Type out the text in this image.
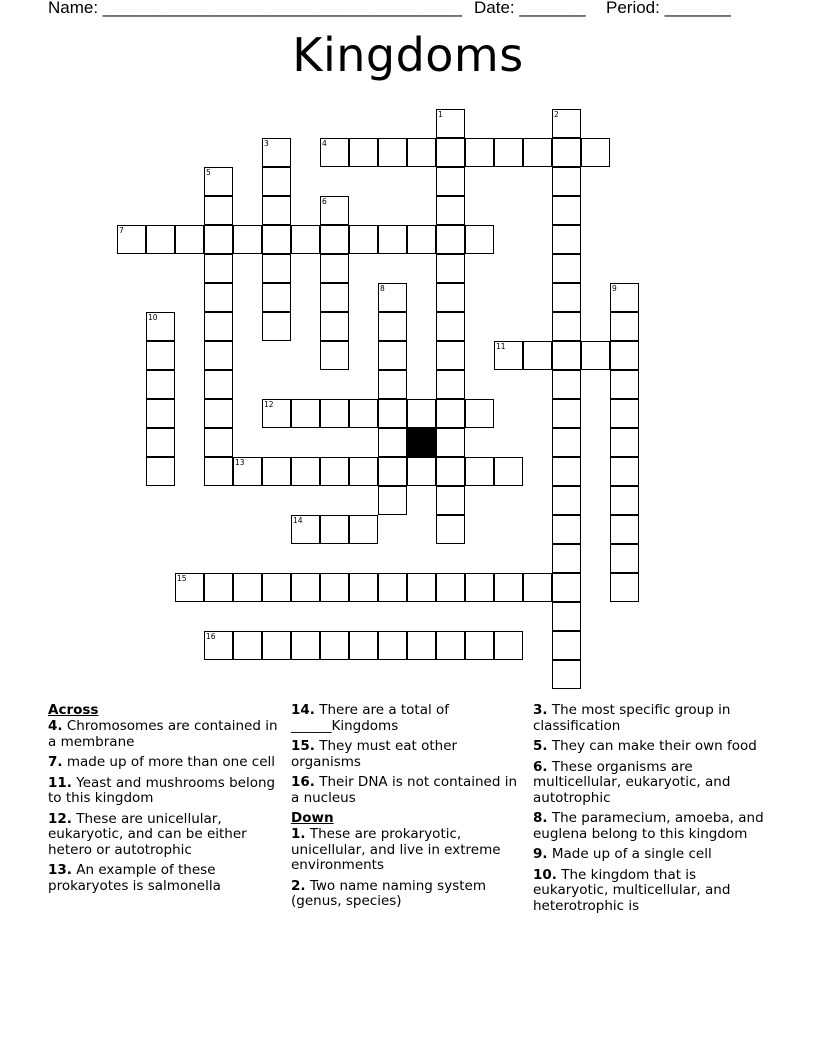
Name: ______________________________________ Date: _______ Period: _______
Kingdoms
4
7
11
12
13
14
15
16
1	2
3
5
6
8	9
10
Across
4. Chromosomes are contained in a membrane
7. made up of more than one cell
11. Yeast and mushrooms belong to this kingdom
12. These are unicellular, eukaryotic, and can be either hetero or autotrophic
13. An example of these prokaryotes is salmonella
14. There are a total of ______Kingdoms
15. They must eat other organisms
16. Their DNA is not contained in a nucleus
Down
1. These are prokaryotic, unicellular, and live in extreme environments
2. Two name naming system (genus, species)
3. The most specific group in classification
5. They can make their own food
6. These organisms are multicellular, eukaryotic, and autotrophic
8. The paramecium, amoeba, and euglena belong to this kingdom
9. Made up of a single cell
10. The kingdom that is eukaryotic, multicellular, and heterotrophic is
